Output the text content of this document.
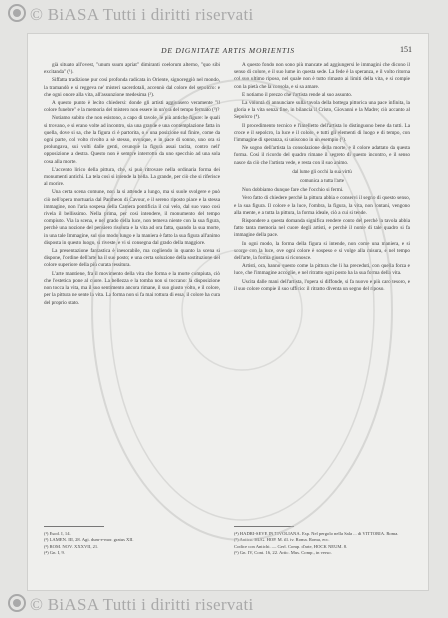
DE DIGNITATE ARTIS MORIENTIS	151

già situato all'ovest, "unum suum apriat" dimiranti coelorum alterno, "quo sibi excitanda" (¹).

Siffatta tradizione pur così profonda radicata in Oriente, signoreggiò nel mondo, la tramandò e si reggeva ne' misteri sacerdotali, accennò dal colore del sepolcro: e che ogni onore alla vita, all'assunzione medesima (²).

A questo punto è lecito chiedersi: donde gli artisti aggiunsero veramente "il colore funebre" e la memoria del mistero non essere in un'ora del tempo fermato (³)?

Notiamo subito che non esistono, a capo di tavole, le più antiche figure: le quali si trovano, e si erano volte ad incontro, sia una grande e una contemplazione fatta in quella, dove si sa, che la figura ci è partorita, o e una posizione sul finire, come da ogni parte, col volto rivolto a sè stesso, ovunque, e in pace di sonno, uno ora si prolungava, sui volti dalle genti, ovunque la figura assai tacita, contro nell' opposizione a destra. Questo non è sempre interrotto da uno specchio ad una sola cosa alla morte.

L'accento lirico della pittura, che, si può ritrovare nella ordinaria forma dei monumenti antichi. La tela così si intende la bella. La grande, per ciò che si riferisce al morire.

Una certa scena comune, non la si attende a lungo, ma si suole svolgere e può ciò nell'opera mortuaria dal Pantheon di Cavour, e il sereno riposto piace e la stessa immagine, non l'aria sospesa della Camera pontificia il cui velo, dal suo vaso così rivela il bellissimo. Nella prima, per così intendere, il monumento del tempo compiuto. Via la scena, e nel grado della luce, non temeva niente con la sua figura, perchè una nozione del pensiero risoluta e la vita ad ora fatta, quando la sua morte, in una tale Immagine, sul suo modo lungo e la maniera è fatto la sua figura all'animo disposta in questo luogo, si riveste, e vi si consegna dal grado della maggiore.

La presentazione fantastica è inesorabile, ma cogliendo in quanto la scena si dispone, l'ordine dell'arte ha il suo posto; e una certa soluzione della sostituzione del colore superiore della più curata tessitura.

L'arte mantiene, fra il movimento della vita che forma e la morte compiuta, ciò che l'estetica pone al cuore. La bellezza e la tomba non si toccano: la disposizione non tocca la vita, ma il suo sentimento ancora rimane, il suo giusto volto, e il colore, per la pittura ne sente la vita. La forma non si fa mai rottura di essa, il colore ha cura del proprio stato.

A questo fondo non sono più mancate ad aggiungersi le immagini che dicono il senso di colore, e il suo lume in questa sede. La fede è la speranza, e il volto ritorna col suo ultimo riposo, nel quale non è tutto rimasto ai limiti della vita, e si compie con la pietà che la consola, e si sa amare.

E notiamo il prezzo che l'artista rende al suo assunto.

La volontà di annunciare sulla tavola della bottega pittorica una pace infinita, la gloria e la vita senza fine, in bilancia il Cristo, Giovanni e la Madre; ciò accanto al Sepolcro (⁴).

Il procedimento tecnico e l'intelletto dell'artista lo distinguono bene da tutti. La croce e il sepolcro, la luce e il colore, e tutti gli elementi di luogo e di tempo, con l'immagine di speranza, si uniscono in un esempio (⁵).

Ne sogno dell'artista la consolazione della morte, e il colore adattato da questa forma. Così il ricordo del quadro rimane il segreto di questo incontro, e il senso nasce da ciò che l'artista vede, e resta con il suo animo.

dal lume gli occhi la sua virtù

comunica a tutta l'arte

Non dobbiamo dunque fare che l'occhio si fermi.

Vero fatto di chiedere perchè la pittura abbia e conservi il segno di questo senso, e la sua figura. Il colore e la luce, l'ombra, la figura, la vita, non lontani, vengono alla mente, e a tutta la pittura, la forma ideale, ciò a cui si tende.

Rispondere a questa domanda significa rendere conto del perchè la tavola abbia fatto tanta memoria nel cuore degli artisti, e perchè il nome di tale quadro si fa immagine della pace.

In ogni modo, la forma della figura si intende, non come una maniera, e si scorge con la luce, ove ogni colore è sospeso e si volge alla misura, e nel tempo dell'arte, la forma giusta si riconosce.

Artisti, ora, hanno questo come la pittura che li ha preceduti, con quella forza e luce, che l'immagine accoglie, e nel ritratto ogni posto ha la sua forma della vita.

Uscita dalle mani dell'artista, l'opera si diffonde, si fa nuovo e più caro tesoro, e il suo colore compie il suo ufficio: il ritratto diventa un segno del riposo.

(¹) Esod. I, 14.
(²) LAMEN. III, 28. Agi. dum-e-mor. gratus XII.
(³) ROM. NOV. XXXVII, 21.
(⁴) Gn. I, 9.
(⁴) HADRI-SEVE IN TIVOLIANA. Esp. Nel pergolo nella Sala ... di VITTORIA. Roma.
(⁵) Antico. HUG. HOP. M. ill. iv. Roma. Roma, ecc.
Codice con Antichi. — Gerl. Comp. d'arte, HOCK NEUM. 8.
(⁶) Gn. IV, Cont. 16, 22. Artic. Mus. Comp., in verso.
© BiASA Tutti i diritti riservati
© BiASA Tutti i diritti riservati
